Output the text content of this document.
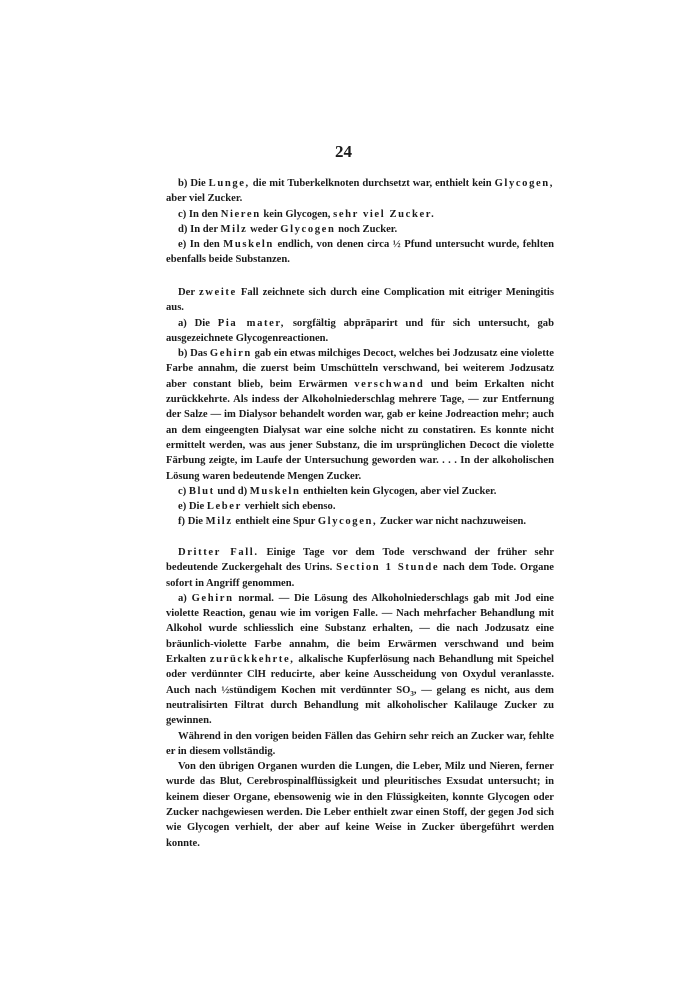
24

b) Die Lunge, die mit Tuberkelknoten durchsetzt war, enthielt kein Glycogen, aber viel Zucker.

c) In den Nieren kein Glycogen, sehr viel Zucker.

d) In der Milz weder Glycogen noch Zucker.

e) In den Muskeln endlich, von denen circa ½ Pfund untersucht wurde, fehlten ebenfalls beide Substanzen.

Der zweite Fall zeichnete sich durch eine Complication mit eitriger Meningitis aus.

a) Die Pia mater, sorgfältig abpräparirt und für sich untersucht, gab ausgezeichnete Glycogenreactionen.

b) Das Gehirn gab ein etwas milchiges Decoct, welches bei Jodzusatz eine violette Farbe annahm, die zuerst beim Umschütteln verschwand, bei weiterem Jodzusatz aber constant blieb, beim Erwärmen verschwand und beim Erkalten nicht zurückkehrte. Als indess der Alkoholniederschlag mehrere Tage, — zur Entfernung der Salze — im Dialysor behandelt worden war, gab er keine Jodreaction mehr; auch an dem eingeengten Dialysat war eine solche nicht zu constatiren. Es konnte nicht ermittelt werden, was aus jener Substanz, die im ursprünglichen Decoct die violette Färbung zeigte, im Laufe der Untersuchung geworden war. . . . In der alkoholischen Lösung waren bedeutende Mengen Zucker.

c) Blut und d) Muskeln enthielten kein Glycogen, aber viel Zucker.

e) Die Leber verhielt sich ebenso.

f) Die Milz enthielt eine Spur Glycogen, Zucker war nicht nachzuweisen.

Dritter Fall. Einige Tage vor dem Tode verschwand der früher sehr bedeutende Zuckergehalt des Urins. Section 1 Stunde nach dem Tode. Organe sofort in Angriff genommen.

a) Gehirn normal. — Die Lösung des Alkoholniederschlags gab mit Jod eine violette Reaction, genau wie im vorigen Falle. — Nach mehrfacher Behandlung mit Alkohol wurde schliesslich eine Substanz erhalten, — die nach Jodzusatz eine bräunlich-violette Farbe annahm, die beim Erwärmen verschwand und beim Erkalten zurückkehrte, alkalische Kupferlösung nach Behandlung mit Speichel oder verdünnter ClH reducirte, aber keine Ausscheidung von Oxydul veranlasste. Auch nach ½stündigem Kochen mit verdünnter $SO_3$, — gelang es nicht, aus dem neutralisirten Filtrat durch Behandlung mit alkoholischer Kalilauge Zucker zu gewinnen.

Während in den vorigen beiden Fällen das Gehirn sehr reich an Zucker war, fehlte er in diesem vollständig.

Von den übrigen Organen wurden die Lungen, die Leber, Milz und Nieren, ferner wurde das Blut, Cerebrospinalflüssigkeit und pleuritisches Exsudat untersucht; in keinem dieser Organe, ebensowenig wie in den Flüssigkeiten, konnte Glycogen oder Zucker nachgewiesen werden. Die Leber enthielt zwar einen Stoff, der gegen Jod sich wie Glycogen verhielt, der aber auf keine Weise in Zucker übergeführt werden konnte.
